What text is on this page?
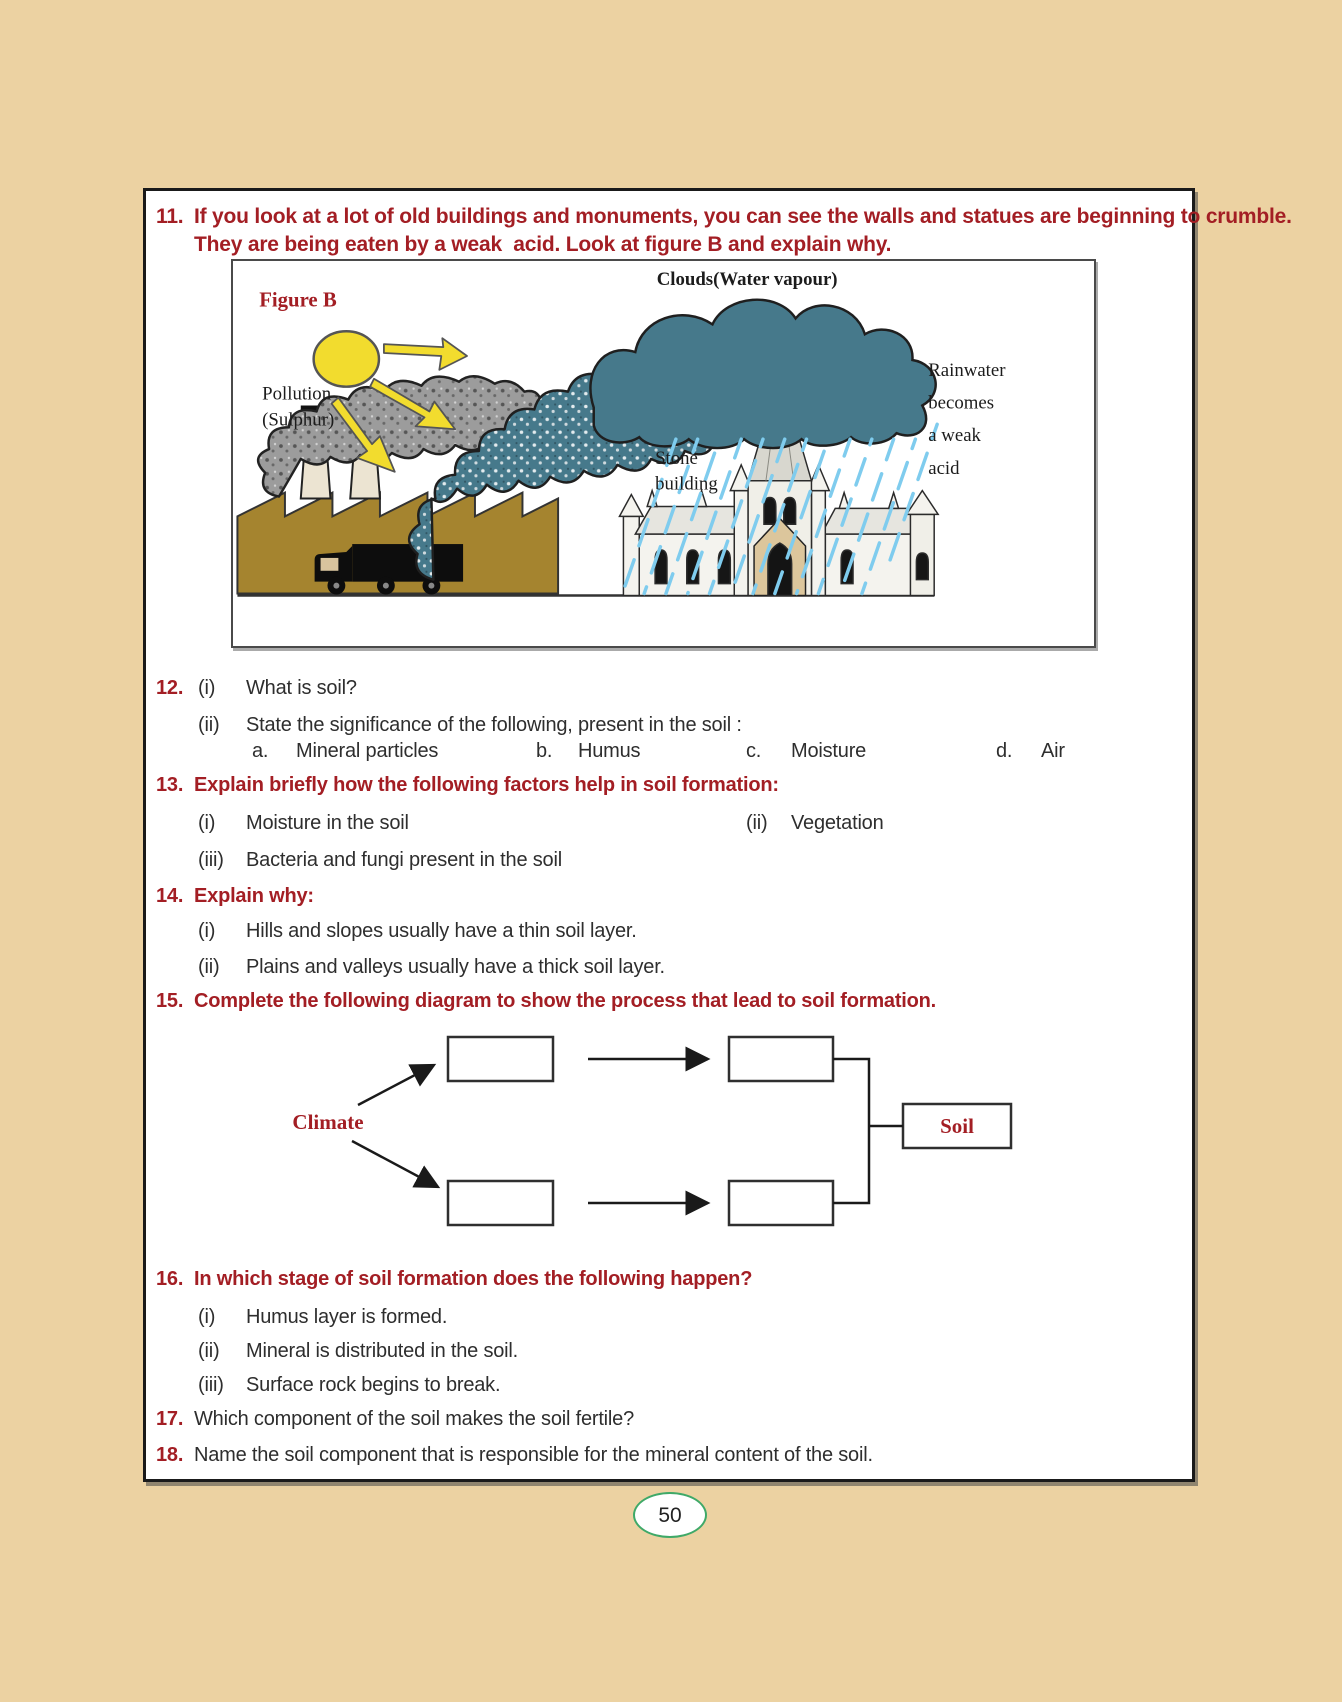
11. If you look at a lot of old buildings and monuments, you can see the walls and statues are beginning to crumble.
They are being eaten by a weak  acid. Look at figure B and explain why.
Figure B
Clouds(Water vapour)
Pollution
(Sulphur)
Stone
building
Rainwater
becomes
a weak
acid
12. (i) What is soil?
(ii) State the significance of the following, present in the soil :
a. Mineral particles	b. Humus	c. Moisture	d. Air
13. Explain briefly how the following factors help in soil formation:
(i) Moisture in the soil	(ii) Vegetation
(iii) Bacteria and fungi present in the soil
14. Explain why:
(i) Hills and slopes usually have a thin soil layer.
(ii) Plains and valleys usually have a thick soil layer.
15. Complete the following diagram to show the process that lead to soil formation.
Climate	Soil
16. In which stage of soil formation does the following happen?
(i) Humus layer is formed.
(ii) Mineral is distributed in the soil.
(iii) Surface rock begins to break.
17. Which component of the soil makes the soil fertile?
18. Name the soil component that is responsible for the mineral content of the soil.
50
